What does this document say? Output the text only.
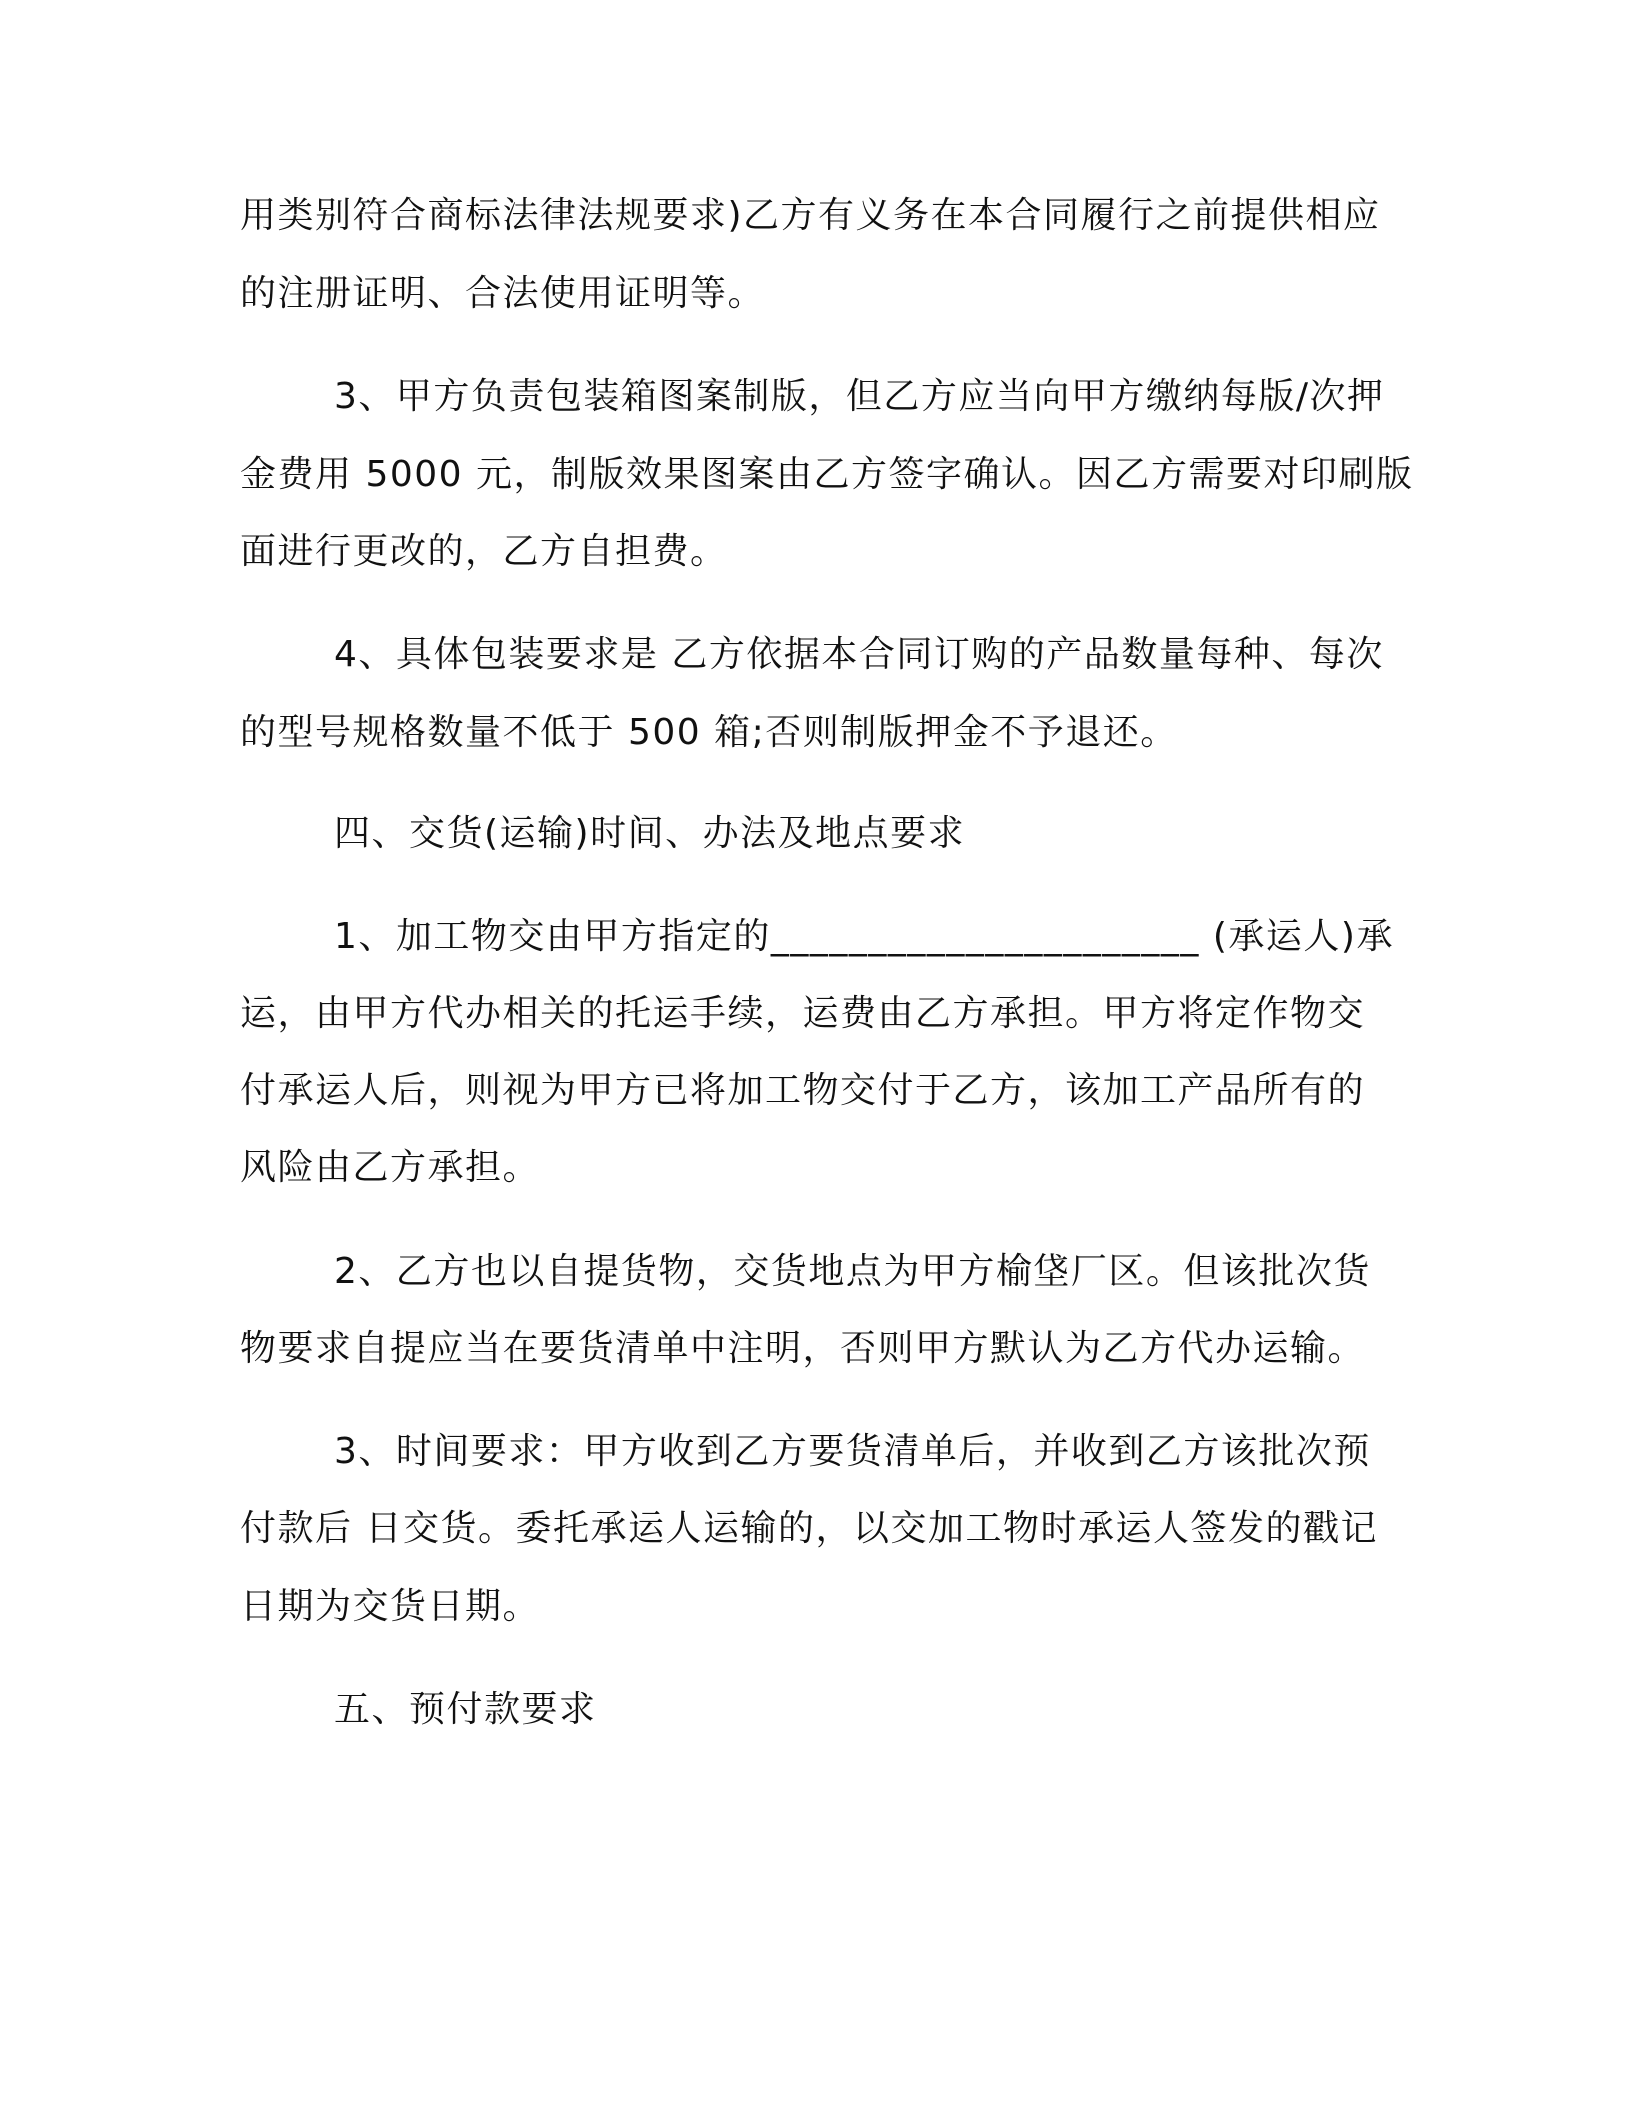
用类别符合商标法律法规要求)乙方有义务在本合同履行之前提供相应
的注册证明、合法使用证明等。
3、甲方负责包装箱图案制版，但乙方应当向甲方缴纳每版/次押
金费用 5000 元，制版效果图案由乙方签字确认。因乙方需要对印刷版
面进行更改的，乙方自担费。
4、具体包装要求是 乙方依据本合同订购的产品数量每种、每次
的型号规格数量不低于 500 箱;否则制版押金不予退还。
四、交货(运输)时间、办法及地点要求
1、加工物交由甲方指定的______________________ (承运人)承
运，由甲方代办相关的托运手续，运费由乙方承担。甲方将定作物交
付承运人后，则视为甲方已将加工物交付于乙方，该加工产品所有的
风险由乙方承担。
2、乙方也以自提货物，交货地点为甲方榆垡厂区。但该批次货
物要求自提应当在要货清单中注明，否则甲方默认为乙方代办运输。
3、时间要求：甲方收到乙方要货清单后，并收到乙方该批次预
付款后 日交货。委托承运人运输的，以交加工物时承运人签发的戳记
日期为交货日期。
五、预付款要求
